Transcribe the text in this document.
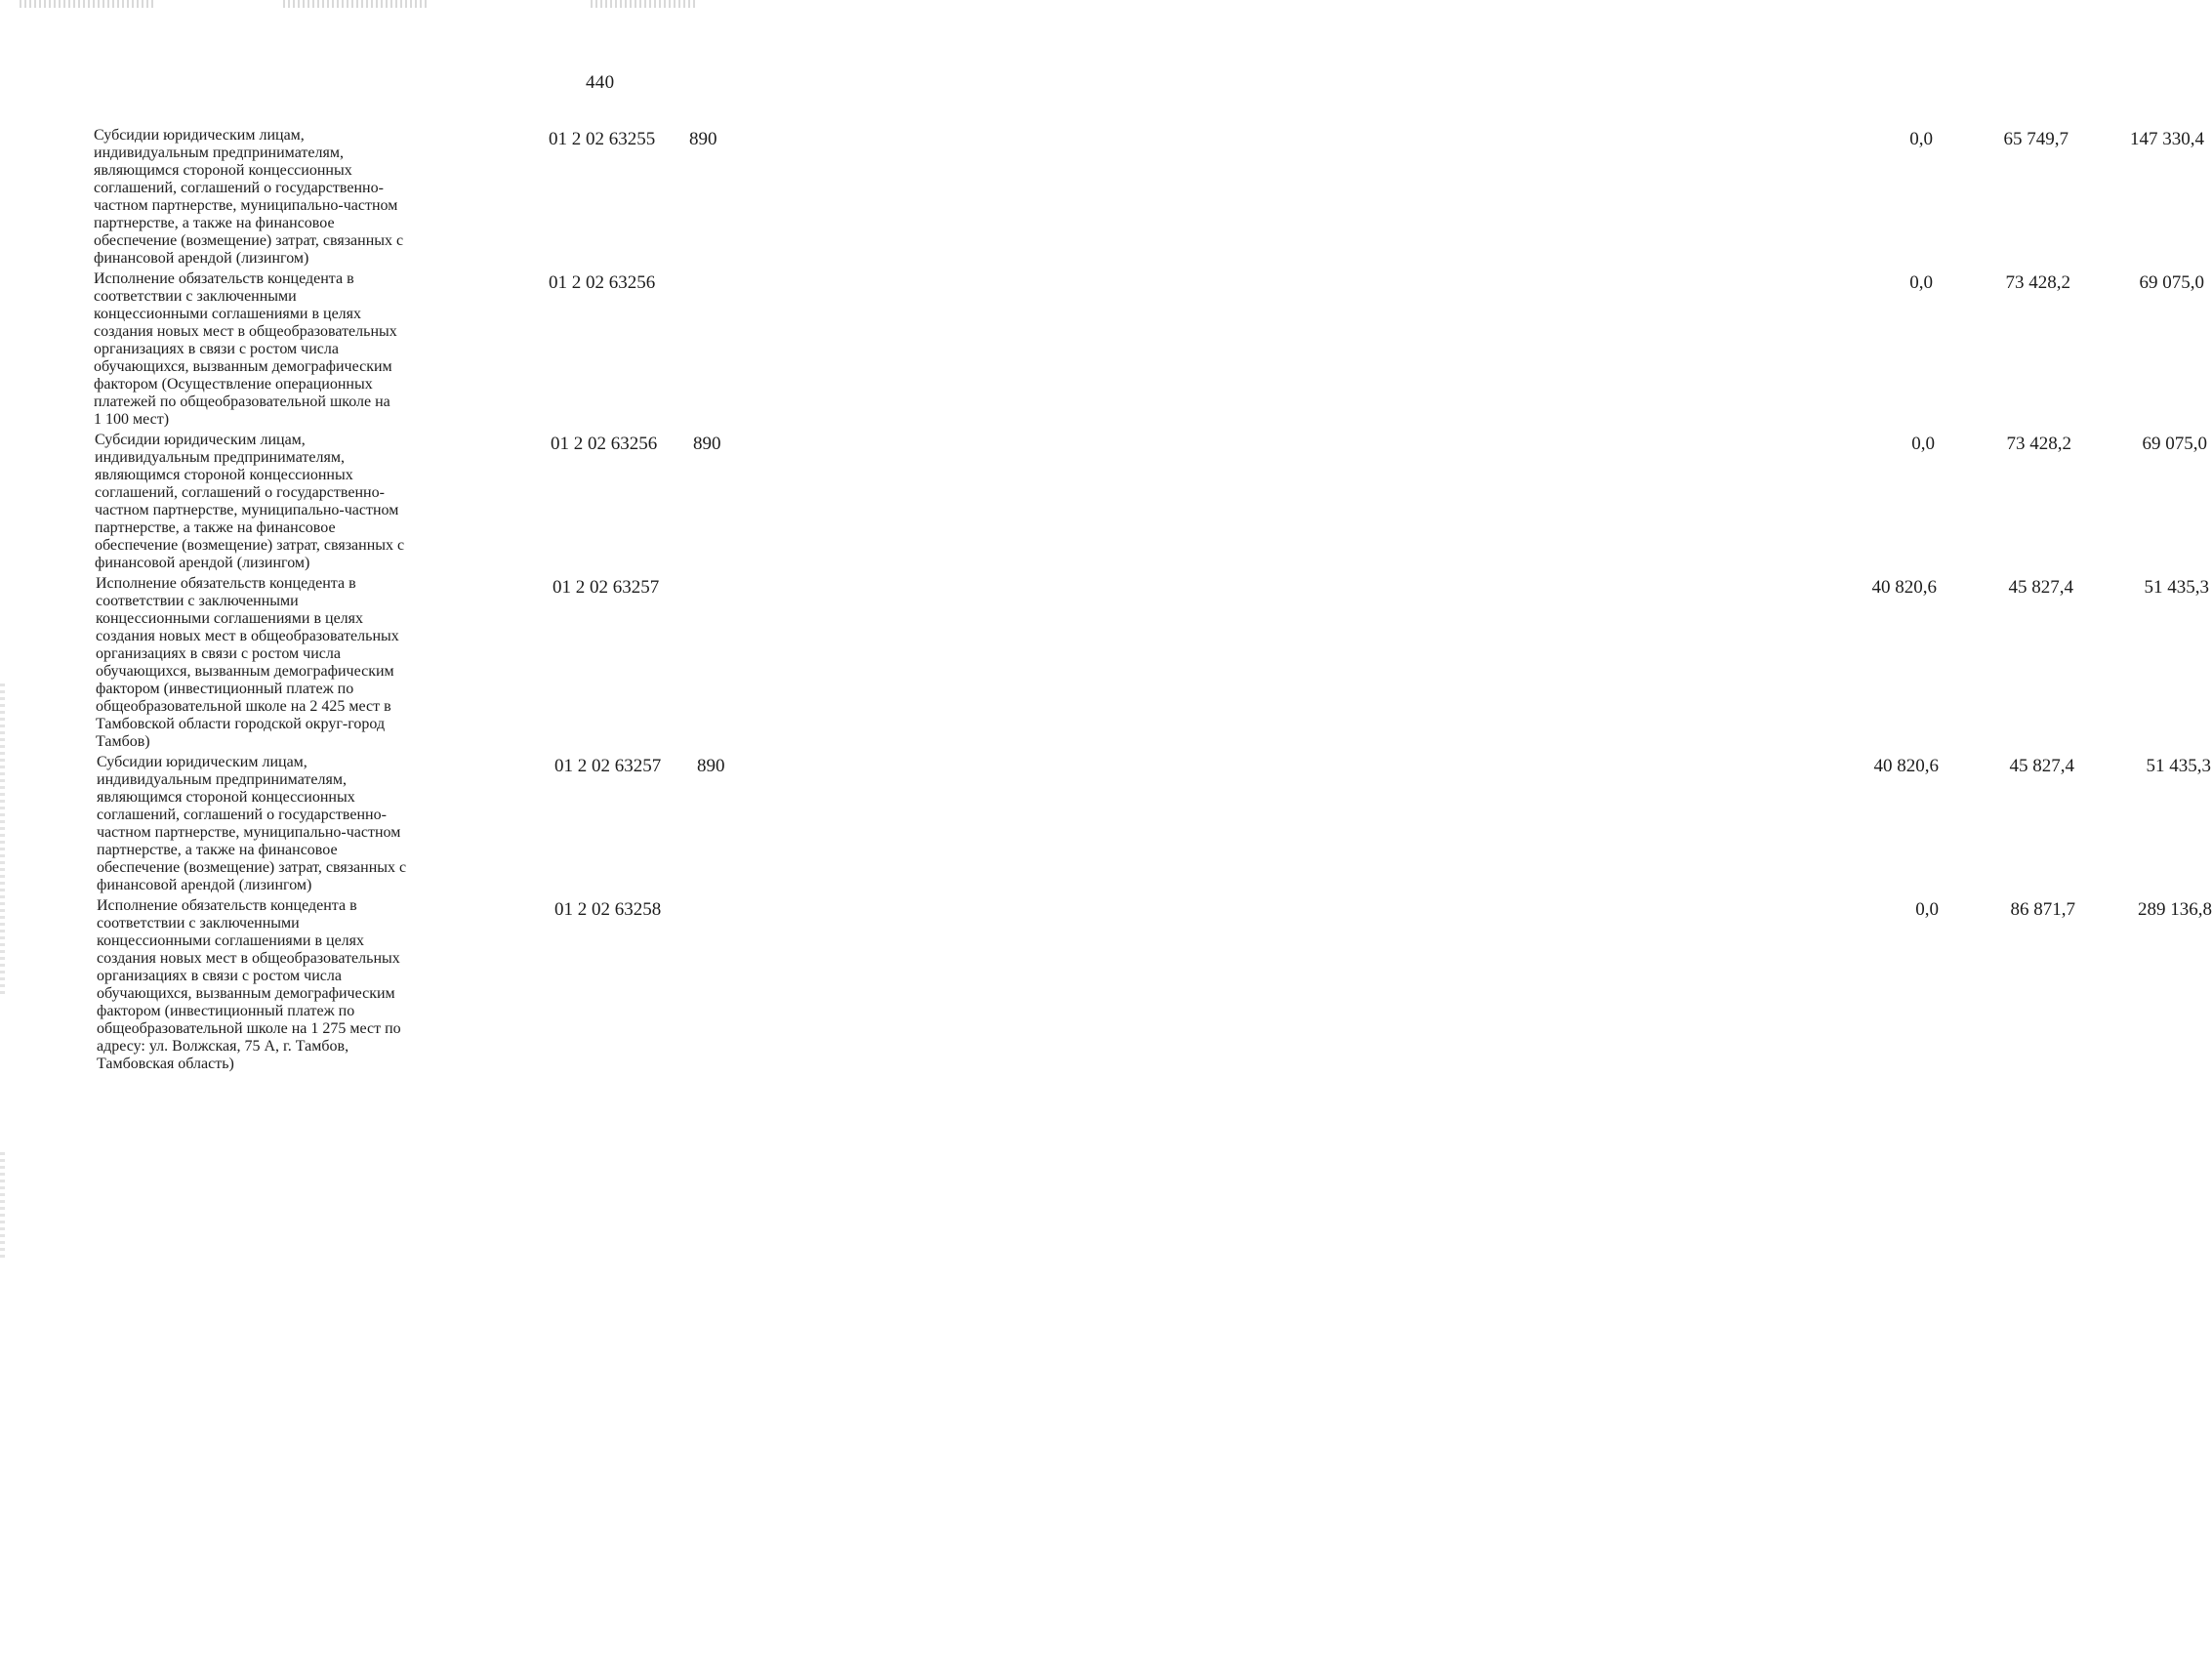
440
Субсидии юридическим лицам,
индивидуальным предпринимателям,
являющимся стороной концессионных
соглашений, соглашений о государственно-
частном партнерстве, муниципально-частном
партнерстве, а также на финансовое
обеспечение (возмещение) затрат, связанных с
финансовой арендой (лизингом)
01 2 02 63255 890	0,0	65 749,7	147 330,4
Исполнение обязательств концедента в
соответствии с заключенными
концессионными соглашениями в целях
создания новых мест в общеобразовательных
организациях в связи с ростом числа
обучающихся, вызванным демографическим
фактором (Осуществление операционных
платежей по общеобразовательной школе на
1 100 мест)
01 2 02 63256	0,0	73 428,2	69 075,0
Субсидии юридическим лицам,
индивидуальным предпринимателям,
являющимся стороной концессионных
соглашений, соглашений о государственно-
частном партнерстве, муниципально-частном
партнерстве, а также на финансовое
обеспечение (возмещение) затрат, связанных с
финансовой арендой (лизингом)
01 2 02 63256 890	0,0	73 428,2	69 075,0
Исполнение обязательств концедента в
соответствии с заключенными
концессионными соглашениями в целях
создания новых мест в общеобразовательных
организациях в связи с ростом числа
обучающихся, вызванным демографическим
фактором (инвестиционный платеж по
общеобразовательной школе на 2 425 мест в
Тамбовской области городской округ-город
Тамбов)
01 2 02 63257	40 820,6	45 827,4	51 435,3
Субсидии юридическим лицам,
индивидуальным предпринимателям,
являющимся стороной концессионных
соглашений, соглашений о государственно-
частном партнерстве, муниципально-частном
партнерстве, а также на финансовое
обеспечение (возмещение) затрат, связанных с
финансовой арендой (лизингом)
01 2 02 63257 890	40 820,6	45 827,4	51 435,3
Исполнение обязательств концедента в
соответствии с заключенными
концессионными соглашениями в целях
создания новых мест в общеобразовательных
организациях в связи с ростом числа
обучающихся, вызванным демографическим
фактором (инвестиционный платеж по
общеобразовательной школе на 1 275 мест по
адресу: ул. Волжская, 75 А, г. Тамбов,
Тамбовская область)
01 2 02 63258	0,0	86 871,7	289 136,8
